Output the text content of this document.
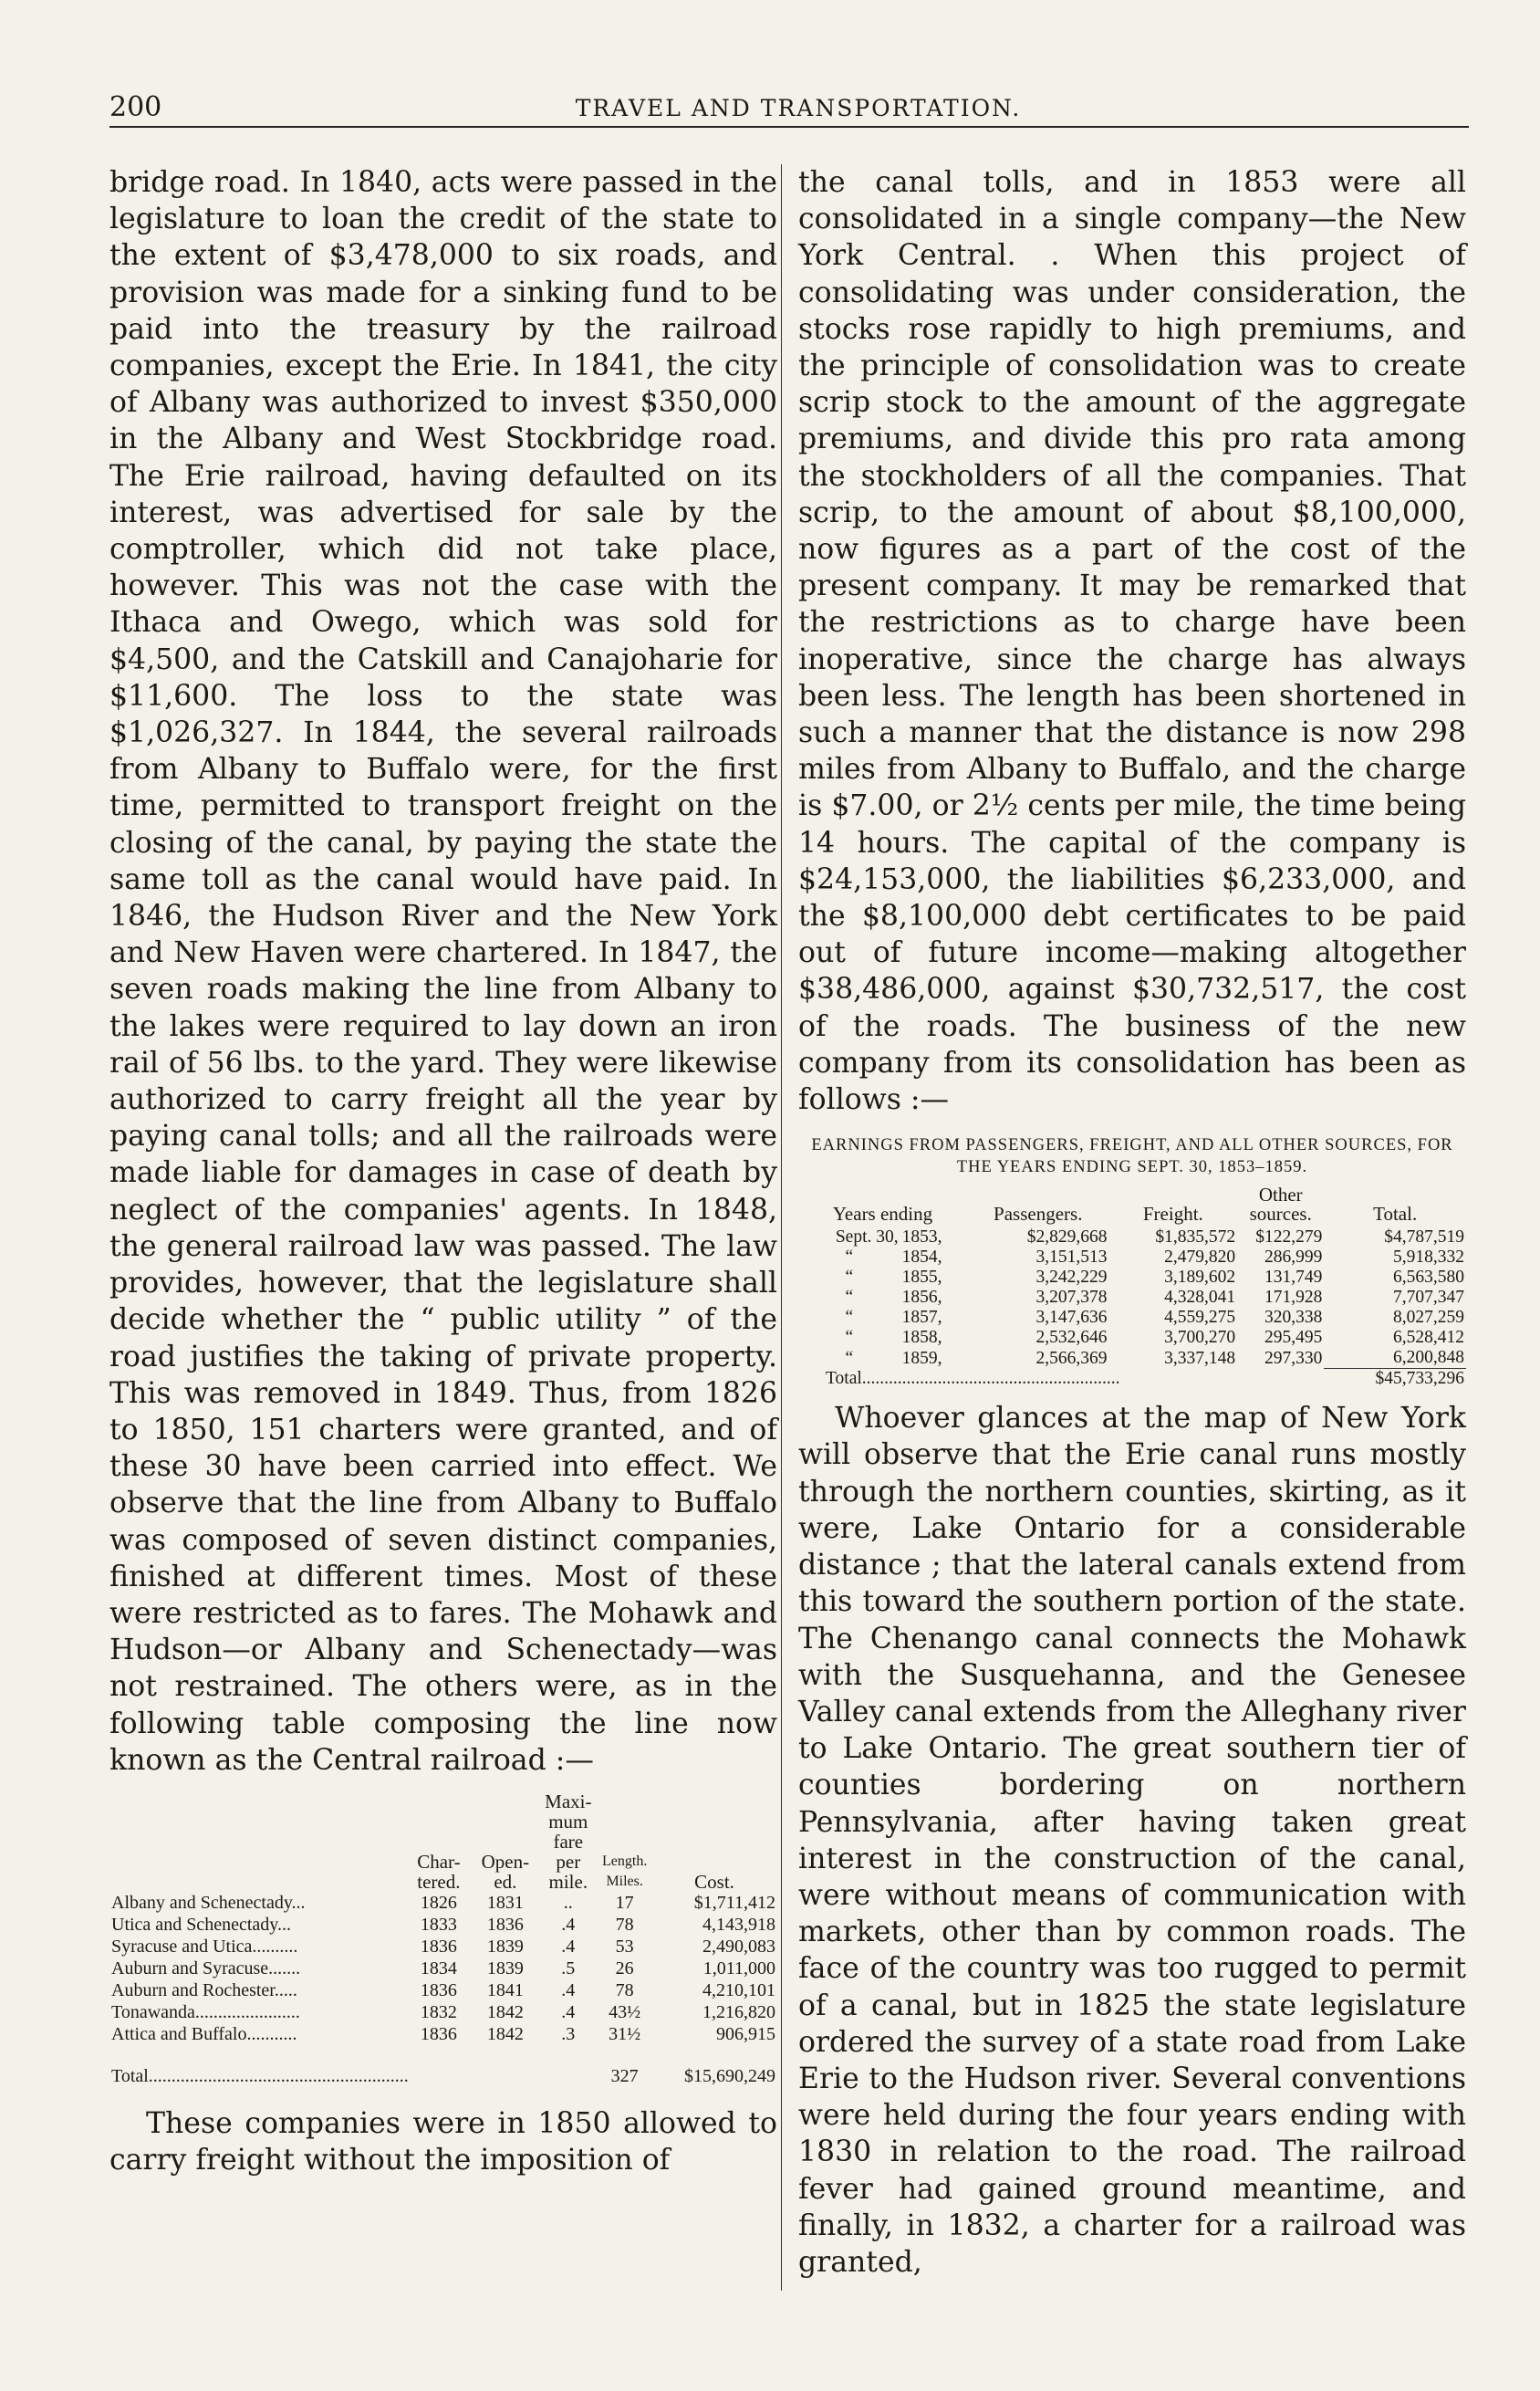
200	TRAVEL AND TRANSPORTATION.

bridge road. In 1840, acts were passed in the legislature to loan the credit of the state to the extent of $3,478,000 to six roads, and provision was made for a sinking fund to be paid into the treasury by the railroad companies, except the Erie. In 1841, the city of Albany was authorized to invest $350,000 in the Albany and West Stockbridge road. The Erie railroad, having defaulted on its interest, was advertised for sale by the comptroller, which did not take place, however. This was not the case with the Ithaca and Owego, which was sold for $4,500, and the Catskill and Canajoharie for $11,600. The loss to the state was $1,026,327. In 1844, the several railroads from Albany to Buffalo were, for the first time, permitted to transport freight on the closing of the canal, by paying the state the same toll as the canal would have paid. In 1846, the Hudson River and the New York and New Haven were chartered. In 1847, the seven roads making the line from Albany to the lakes were required to lay down an iron rail of 56 lbs. to the yard. They were likewise authorized to carry freight all the year by paying canal tolls; and all the railroads were made liable for damages in case of death by neglect of the companies' agents. In 1848, the general railroad law was passed. The law provides, however, that the legislature shall decide whether the “ public utility ” of the road justifies the taking of private property. This was removed in 1849. Thus, from 1826 to 1850, 151 charters were granted, and of these 30 have been carried into effect. We observe that the line from Albany to Buffalo was composed of seven distinct companies, finished at different times. Most of these were restricted as to fares. The Mohawk and Hudson—or Albany and Schenectady—was not restrained. The others were, as in the following table composing the line now known as the Central railroad :—

	Char- tered.	Open- ed.	Maxi- mum fare per mile.	Length. Miles.	Cost.
Albany and Schenectady...	1826	1831	..	17	$1,711,412
Utica and Schenectady...	1833	1836	.4	78	4,143,918
Syracuse and Utica..........	1836	1839	.4	53	2,490,083
Auburn and Syracuse.......	1834	1839	.5	26	1,011,000
Auburn and Rochester.....	1836	1841	.4	78	4,210,101
Tonawanda.......................	1832	1842	.4	43½	1,216,820
Attica and Buffalo...........	1836	1842	.3	31½	906,915

Total.........................................................				327	$15,690,249

These companies were in 1850 allowed to carry freight without the imposition of

the canal tolls, and in 1853 were all consolidated in a single company—the New York Central. . When this project of consolidating was under consideration, the stocks rose rapidly to high premiums, and the principle of consolidation was to create scrip stock to the amount of the aggregate premiums, and divide this pro rata among the stockholders of all the companies. That scrip, to the amount of about $8,100,000, now figures as a part of the cost of the present company. It may be remarked that the restrictions as to charge have been inoperative, since the charge has always been less. The length has been shortened in such a manner that the distance is now 298 miles from Albany to Buffalo, and the charge is $7.00, or 2½ cents per mile, the time being 14 hours. The capital of the company is $24,153,000, the liabilities $6,233,000, and the $8,100,000 debt certificates to be paid out of future income—making altogether $38,486,000, against $30,732,517, the cost of the roads. The business of the new company from its consolidation has been as follows :—

EARNINGS FROM PASSENGERS, FREIGHT, AND ALL OTHER SOURCES, FOR THE YEARS ENDING SEPT. 30, 1853–1859.
Years ending		Passengers.	Freight.	Other sources.	Total.
Sept. 30,	1853,	$2,829,668	$1,835,572	$122,279	$4,787,519
“	1854,	3,151,513	2,479,820	286,999	5,918,332
“	1855,	3,242,229	3,189,602	131,749	6,563,580
“	1856,	3,207,378	4,328,041	171,928	7,707,347
“	1857,	3,147,636	4,559,275	320,338	8,027,259
“	1858,	2,532,646	3,700,270	295,495	6,528,412
“	1859,	2,566,369	3,337,148	297,330	6,200,848
Total..........................................................					$45,733,296

Whoever glances at the map of New York will observe that the Erie canal runs mostly through the northern counties, skirting, as it were, Lake Ontario for a considerable distance ; that the lateral canals extend from this toward the southern portion of the state. The Chenango canal connects the Mohawk with the Susquehanna, and the Genesee Valley canal extends from the Alleghany river to Lake Ontario. The great southern tier of counties bordering on northern Pennsylvania, after having taken great interest in the construction of the canal, were without means of communication with markets, other than by common roads. The face of the country was too rugged to permit of a canal, but in 1825 the state legislature ordered the survey of a state road from Lake Erie to the Hudson river. Several conventions were held during the four years ending with 1830 in relation to the road. The railroad fever had gained ground meantime, and finally, in 1832, a charter for a railroad was granted,
